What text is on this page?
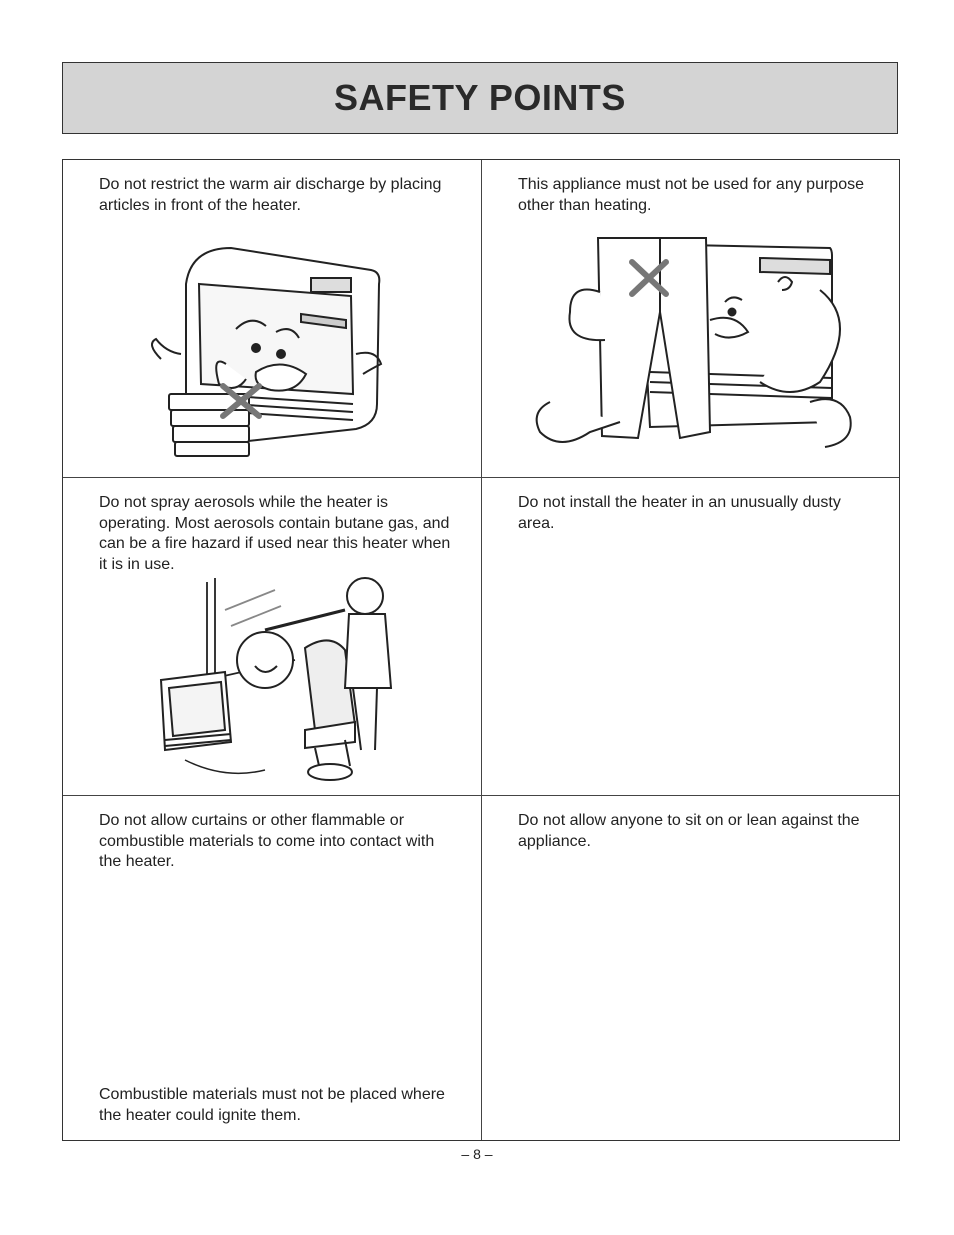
SAFETY POINTS

Do not restrict the warm air discharge by placing articles in front of the heater.

This appliance must not be used for any purpose other than heating.

Do not spray aerosols while the heater is operating. Most aerosols contain butane gas, and can be a fire hazard if used near this heater when it is in use.

Do not install the heater in an unusually dusty area.

Do not allow curtains or other flammable or combustible materials to come into contact with the heater.

Combustible materials must not be placed where the heater could ignite them.

Do not allow anyone to sit on or lean against the appliance.

– 8 –
